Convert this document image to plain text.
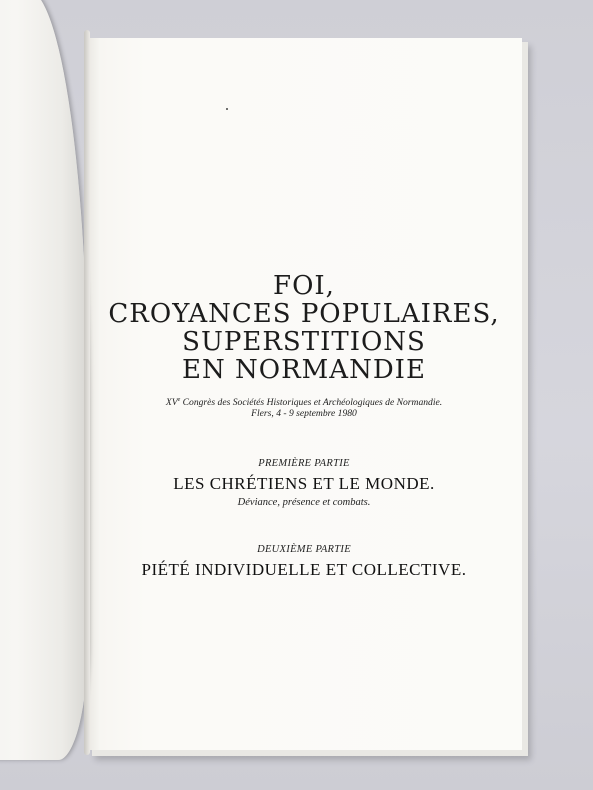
FOI,
CROYANCES POPULAIRES,
SUPERSTITIONS
EN NORMANDIE
XVe Congrès des Sociétés Historiques et Archéologiques de Normandie.
Flers, 4 - 9 septembre 1980
PREMIÈRE PARTIE
LES CHRÉTIENS ET LE MONDE.
Déviance, présence et combats.
DEUXIÈME PARTIE
PIÉTÉ INDIVIDUELLE ET COLLECTIVE.
